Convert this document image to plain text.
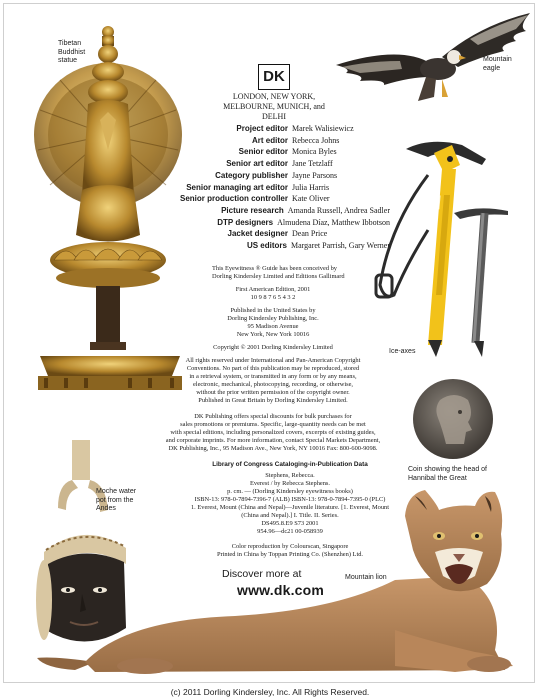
Tibetan
Buddhist
statue	Mountain
eagle
DK
LONDON, NEW YORK,
MELBOURNE, MUNICH, and DELHI
Project editor Marek Walisiewicz
Art editor Rebecca Johns
Senior editor Monica Byles
Senior art editor Jane Tetzlaff
Category publisher Jayne Parsons
Senior managing art editor Julia Harris
Senior production controller Kate Oliver
Picture research Amanda Russell, Andrea Sadler
DTP designers Almudena Díaz, Matthew Ibbotson
Jacket designer Dean Price
US editors Margaret Parrish, Gary Werner
This Eyewitness ® Guide has been conceived by
Dorling Kindersley Limited and Editions Gallimard
First American Edition, 2001
10 9 8 7 6 5 4 3 2
Published in the United States by
Dorling Kindersley Publishing, Inc.
95 Madison Avenue
New York, New York 10016
Copyright © 2001 Dorling Kindersley Limited
All rights reserved under International and Pan-American Copyright
Conventions. No part of this publication may be reproduced, stored
in a retrieval system, or transmitted in any form or by any means,
electronic, mechanical, photocopying, recording, or otherwise,
without the prior written permission of the copyright owner.
Published in Great Britain by Dorling Kindersley Limited.
DK Publishing offers special discounts for bulk purchases for
sales promotions or premiums. Specific, large-quantity needs can be met
with special editions, including personalized covers, excerpts of existing guides,
and corporate imprints. For more information, contact Special Markets Department,
DK Publishing, Inc., 95 Madison Ave., New York, NY 10016 Fax: 800-600-9098.
Library of Congress Cataloging-in-Publication Data
Stephens, Rebecca.
Everest / by Rebecca Stephens.
p. cm. — (Dorling Kindersley eyewitness books)
ISBN-13: 978-0-7894-7396-7 (ALB) ISBN-13: 978-0-7894-7395-0 (PLC)
1. Everest, Mount (China and Nepal)—Juvenile literature. [1. Everest, Mount
(China and Nepal).] I. Title. II. Series.
DS495.8.E9 S73 2001
954.96—dc21 00-058939
Color reproduction by Colourscan, Singapore
Printed in China by Toppan Printing Co. (Shenzhen) Ltd.
Discover more at
www.dk.com
Ice-axes
Coin showing the head of
Hannibal the Great
Moche water
pot from the
Andes
Mountain lion
(c) 2011 Dorling Kindersley, Inc. All Rights Reserved.
